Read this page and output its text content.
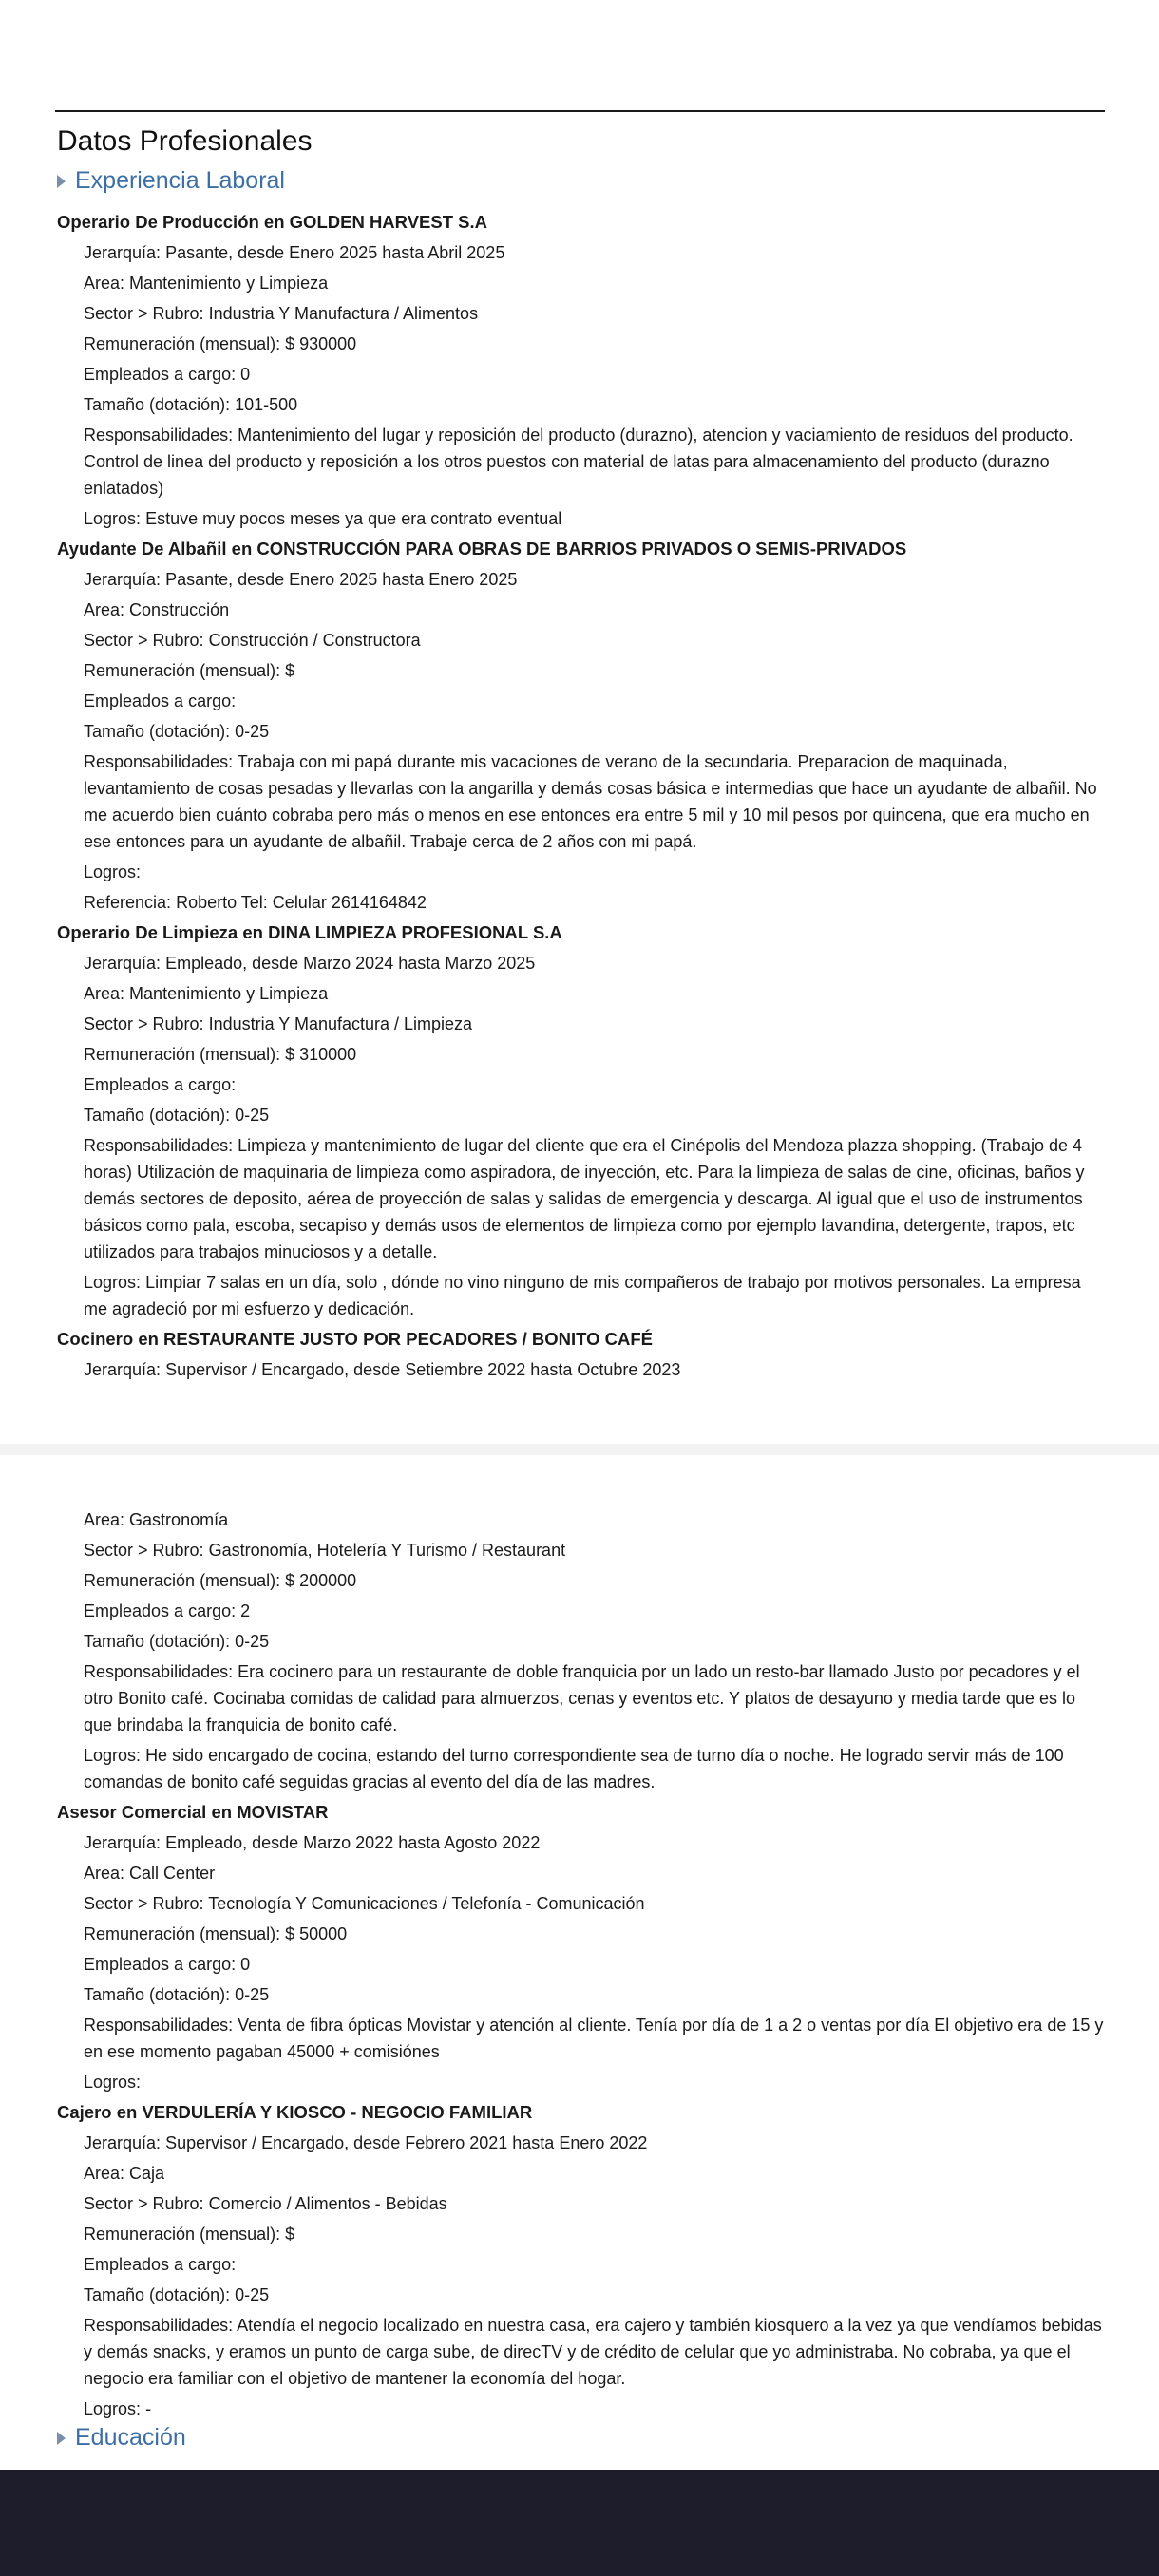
Datos Profesionales
Experiencia Laboral
Operario De Producción en GOLDEN HARVEST S.A
Jerarquía: Pasante, desde Enero 2025 hasta Abril 2025
Area: Mantenimiento y Limpieza
Sector > Rubro: Industria Y Manufactura / Alimentos
Remuneración (mensual): $ 930000
Empleados a cargo: 0
Tamaño (dotación): 101-500
Responsabilidades: Mantenimiento del lugar y reposición del producto (durazno), atencion y vaciamiento de residuos del producto. Control de linea del producto y reposición a los otros puestos con material de latas para almacenamiento del producto (durazno enlatados)
Logros: Estuve muy pocos meses ya que era contrato eventual
Ayudante De Albañil en CONSTRUCCIÓN PARA OBRAS DE BARRIOS PRIVADOS O SEMIS-PRIVADOS
Jerarquía: Pasante, desde Enero 2025 hasta Enero 2025
Area: Construcción
Sector > Rubro: Construcción / Constructora
Remuneración (mensual): $
Empleados a cargo:
Tamaño (dotación): 0-25
Responsabilidades: Trabaja con mi papá durante mis vacaciones de verano de la secundaria. Preparacion de maquinada, levantamiento de cosas pesadas y llevarlas con la angarilla y demás cosas básica e intermedias que hace un ayudante de albañil. No me acuerdo bien cuánto cobraba pero más o menos en ese entonces era entre 5 mil y 10 mil pesos por quincena, que era mucho en ese entonces para un ayudante de albañil. Trabaje cerca de 2 años con mi papá.
Logros:
Referencia: Roberto Tel: Celular 2614164842
Operario De Limpieza en DINA LIMPIEZA PROFESIONAL S.A
Jerarquía: Empleado, desde Marzo 2024 hasta Marzo 2025
Area: Mantenimiento y Limpieza
Sector > Rubro: Industria Y Manufactura / Limpieza
Remuneración (mensual): $ 310000
Empleados a cargo:
Tamaño (dotación): 0-25
Responsabilidades: Limpieza y mantenimiento de lugar del cliente que era el Cinépolis del Mendoza plazza shopping. (Trabajo de 4 horas) Utilización de maquinaria de limpieza como aspiradora, de inyección, etc. Para la limpieza de salas de cine, oficinas, baños y demás sectores de deposito, aérea de proyección de salas y salidas de emergencia y descarga. Al igual que el uso de instrumentos básicos como pala, escoba, secapiso y demás usos de elementos de limpieza como por ejemplo lavandina, detergente, trapos, etc utilizados para trabajos minuciosos y a detalle.
Logros: Limpiar 7 salas en un día, solo , dónde no vino ninguno de mis compañeros de trabajo por motivos personales. La empresa me agradeció por mi esfuerzo y dedicación.
Cocinero en RESTAURANTE JUSTO POR PECADORES / BONITO CAFÉ
Jerarquía: Supervisor / Encargado, desde Setiembre 2022 hasta Octubre 2023
Area: Gastronomía
Sector > Rubro: Gastronomía, Hotelería Y Turismo / Restaurant
Remuneración (mensual): $ 200000
Empleados a cargo: 2
Tamaño (dotación): 0-25
Responsabilidades: Era cocinero para un restaurante de doble franquicia por un lado un resto-bar llamado Justo por pecadores y el otro Bonito café. Cocinaba comidas de calidad para almuerzos, cenas y eventos etc. Y platos de desayuno y media tarde que es lo que brindaba la franquicia de bonito café.
Logros: He sido encargado de cocina, estando del turno correspondiente sea de turno día o noche. He logrado servir más de 100 comandas de bonito café seguidas gracias al evento del día de las madres.
Asesor Comercial en MOVISTAR
Jerarquía: Empleado, desde Marzo 2022 hasta Agosto 2022
Area: Call Center
Sector > Rubro: Tecnología Y Comunicaciones / Telefonía - Comunicación
Remuneración (mensual): $ 50000
Empleados a cargo: 0
Tamaño (dotación): 0-25
Responsabilidades: Venta de fibra ópticas Movistar y atención al cliente. Tenía por día de 1 a 2 o ventas por día El objetivo era de 15 y en ese momento pagaban 45000 + comisiónes
Logros:
Cajero en VERDULERÍA Y KIOSCO - NEGOCIO FAMILIAR
Jerarquía: Supervisor / Encargado, desde Febrero 2021 hasta Enero 2022
Area: Caja
Sector > Rubro: Comercio / Alimentos - Bebidas
Remuneración (mensual): $
Empleados a cargo:
Tamaño (dotación): 0-25
Responsabilidades: Atendía el negocio localizado en nuestra casa, era cajero y también kiosquero a la vez ya que vendíamos bebidas y demás snacks, y eramos un punto de carga sube, de direcTV y de crédito de celular que yo administraba. No cobraba, ya que el negocio era familiar con el objetivo de mantener la economía del hogar.
Logros: -
Educación
